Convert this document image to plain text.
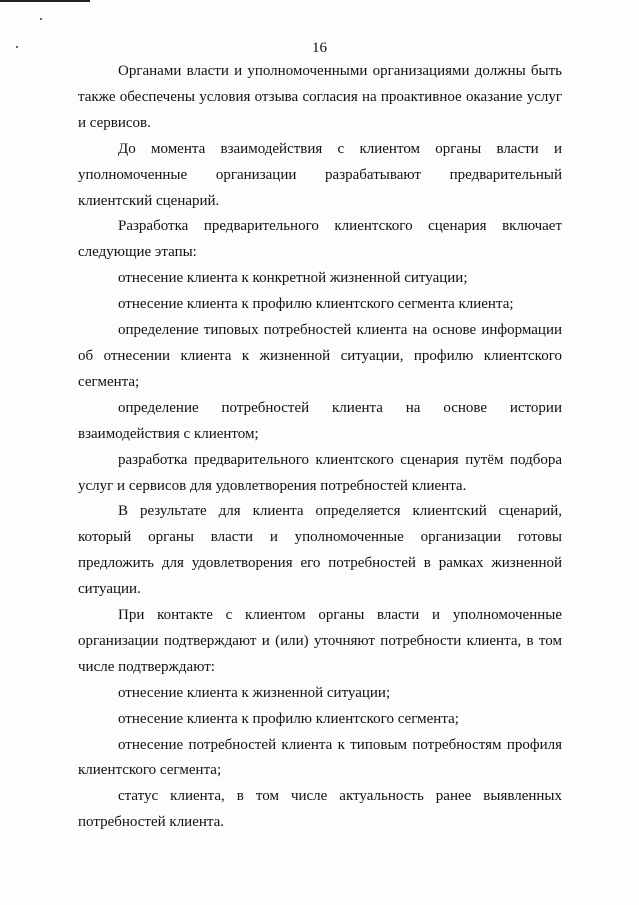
16

Органами власти и уполномоченными организациями должны быть также обеспечены условия отзыва согласия на проактивное оказание услуг и сервисов.

До момента взаимодействия с клиентом органы власти и уполномоченные организации разрабатывают предварительный клиентский сценарий.

Разработка предварительного клиентского сценария включает следующие этапы:

отнесение клиента к конкретной жизненной ситуации;

отнесение клиента к профилю клиентского сегмента клиента;

определение типовых потребностей клиента на основе информации об отнесении клиента к жизненной ситуации, профилю клиентского сегмента;

определение потребностей клиента на основе истории взаимодействия с клиентом;

разработка предварительного клиентского сценария путём подбора услуг и сервисов для удовлетворения потребностей клиента.

В результате для клиента определяется клиентский сценарий, который органы власти и уполномоченные организации готовы предложить для удовлетворения его потребностей в рамках жизненной ситуации.

При контакте с клиентом органы власти и уполномоченные организации подтверждают и (или) уточняют потребности клиента, в том числе подтверждают:

отнесение клиента к жизненной ситуации;

отнесение клиента к профилю клиентского сегмента;

отнесение потребностей клиента к типовым потребностям профиля клиентского сегмента;

статус клиента, в том числе актуальность ранее выявленных потребностей клиента.
